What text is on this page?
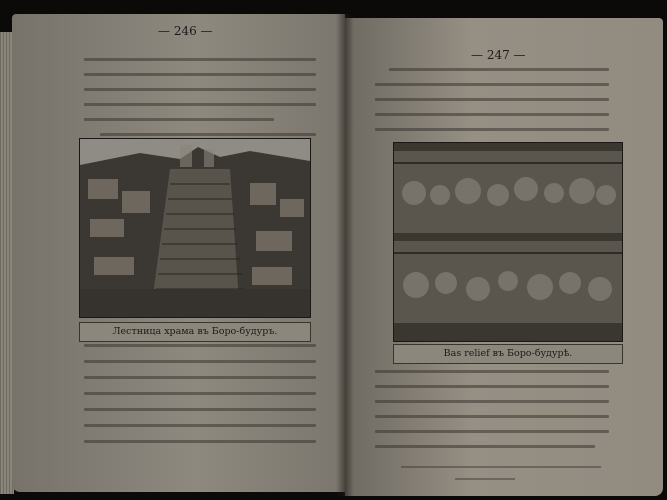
— 246 —
Лестница храма въ Боро-будуръ.
— 247 —
Bas relief въ Боро-будурѣ.
